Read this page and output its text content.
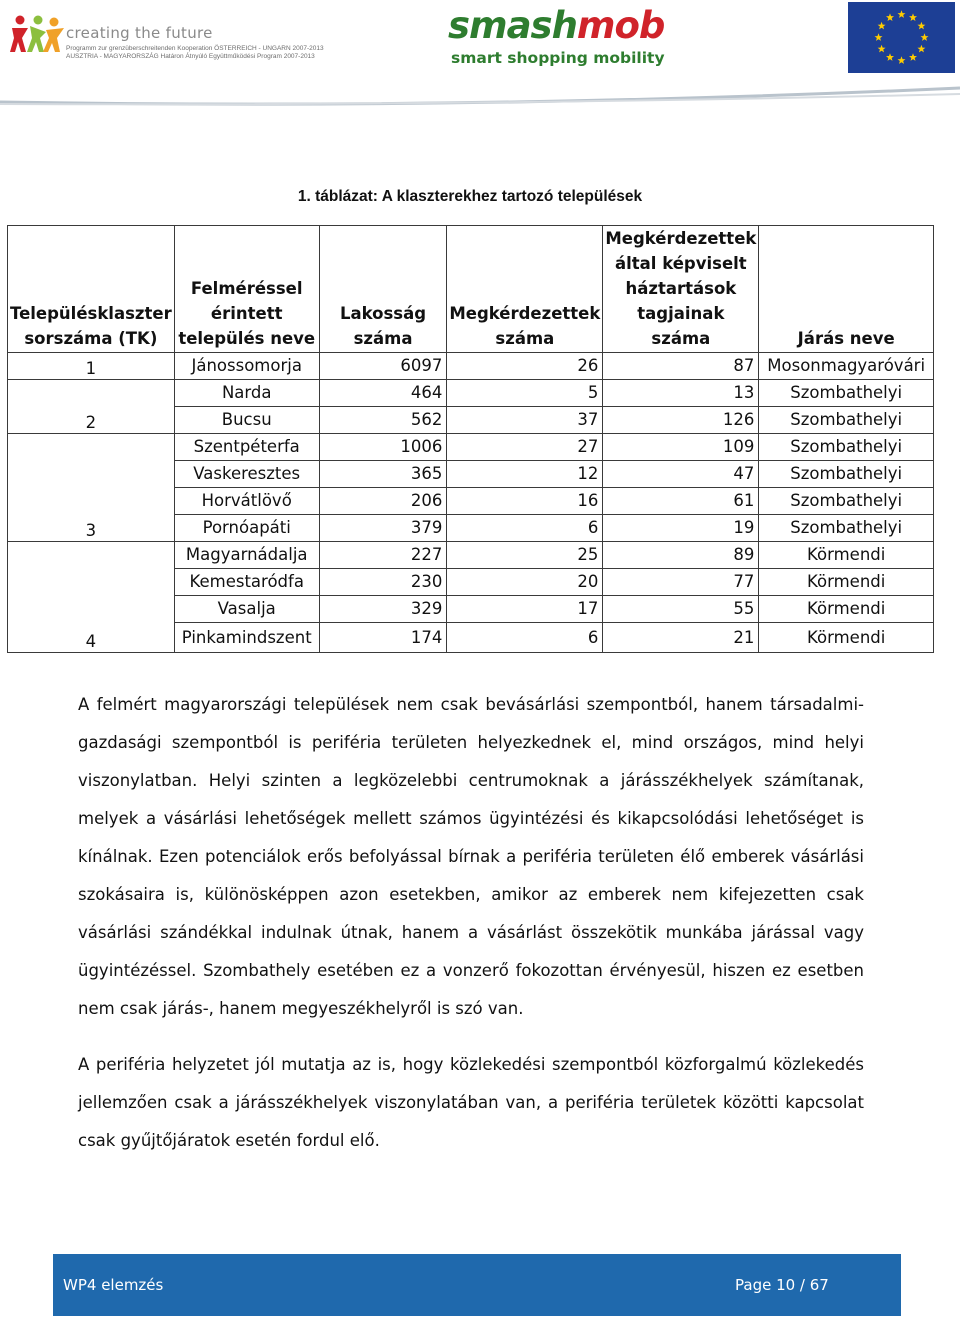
creating the future
Programm zur grenzüberschreitenden Kooperation ÖSTERREICH - UNGARN 2007-2013
AUSZTRIA - MAGYARORSZÁG Határon Átnyúló Együttműködési Program 2007-2013
smashmob
smart shopping mobility
1. táblázat: A klaszterekhez tartozó települések
Településklaszter sorszáma (TK)	Felméréssel érintett település neve	Lakosság száma	Megkérdezettek száma	Megkérdezettek által képviselt háztartások tagjainak száma	Járás neve
1	Jánossomorja	6097	26	87	Mosonmagyaróvári
2	Narda	464	5	13	Szombathelyi
	Bucsu	562	37	126	Szombathelyi
3	Szentpéterfa	1006	27	109	Szombathelyi
	Vaskeresztes	365	12	47	Szombathelyi
	Horvátlövő	206	16	61	Szombathelyi
	Pornóapáti	379	6	19	Szombathelyi
4	Magyarnádalja	227	25	89	Körmendi
	Kemestaródfa	230	20	77	Körmendi
	Vasalja	329	17	55	Körmendi
	Pinkamindszent	174	6	21	Körmendi

A felmért magyarországi települések nem csak bevásárlási szempontból, hanem társadalmi-gazdasági szempontból is periféria területen helyezkednek el, mind országos, mind helyi viszonylatban. Helyi szinten a legközelebbi centrumoknak a járásszékhelyek számítanak, melyek a vásárlási lehetőségek mellett számos ügyintézési és kikapcsolódási lehetőséget is kínálnak. Ezen potenciálok erős befolyással bírnak a periféria területen élő emberek vásárlási szokásaira is, különösképpen azon esetekben, amikor az emberek nem kifejezetten csak vásárlási szándékkal indulnak útnak, hanem a vásárlást összekötik munkába járással vagy ügyintézéssel. Szombathely esetében ez a vonzerő fokozottan érvényesül, hiszen ez esetben nem csak járás-, hanem megyeszékhelyről is szó van.

A periféria helyzetet jól mutatja az is, hogy közlekedési szempontból közforgalmú közlekedés jellemzően csak a járásszékhelyek viszonylatában van, a periféria területek közötti kapcsolat csak gyűjtőjáratok esetén fordul elő.

WP4 elemzés	Page 10 / 67
